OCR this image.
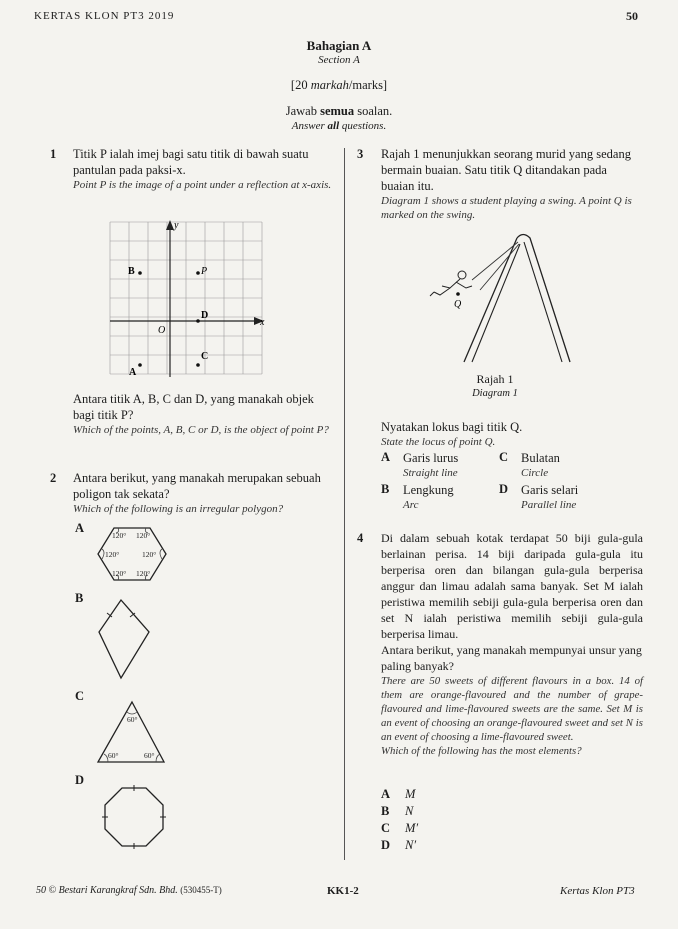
KERTAS KLON PT3 2019	50
Bahagian A
Section A
[20 markah/marks]
Jawab semua soalan.
Answer all questions.
1 Titik P ialah imej bagi satu titik di bawah suatu pantulan pada paksi-x.
Point P is the image of a point under a reflection at x-axis.
y
x
O
B	P
D
C
A
Antara titik A, B, C dan D, yang manakah objek bagi titik P?
Which of the points, A, B, C or D, is the object of point P?
2 Antara berikut, yang manakah merupakan sebuah poligon tak sekata?
Which of the following is an irregular polygon?
A
120° 120°
120°	120°
120° 120°
B
C
60°
60°	60°
D
3 Rajah 1 menunjukkan seorang murid yang sedang bermain buaian. Satu titik Q ditandakan pada buaian itu.
Diagram 1 shows a student playing a swing. A point Q is marked on the swing.
Q
Rajah 1
Diagram 1
Nyatakan lokus bagi titik Q.
State the locus of point Q.
A Garis lurus
Straight line
C Bulatan
Circle
B Lengkung
Arc
D Garis selari
Parallel line
4 Di dalam sebuah kotak terdapat 50 biji gula-gula berlainan perisa. 14 biji daripada gula-gula itu berperisa oren dan bilangan gula-gula berperisa anggur dan limau adalah sama banyak. Set M ialah peristiwa memilih sebiji gula-gula berperisa oren dan set N ialah peristiwa memilih sebiji gula-gula berperisa limau.
Antara berikut, yang manakah mempunyai unsur yang paling banyak?
There are 50 sweets of different flavours in a box. 14 of them are orange-flavoured and the number of grape-flavoured and lime-flavoured sweets are the same. Set M is an event of choosing an orange-flavoured sweet and set N is an event of choosing a lime-flavoured sweet.
Which of the following has the most elements?
A M
B N
C M′
D N′
50 © Bestari Karangkraf Sdn. Bhd. (530455-T)	KK1-2	Kertas Klon PT3
